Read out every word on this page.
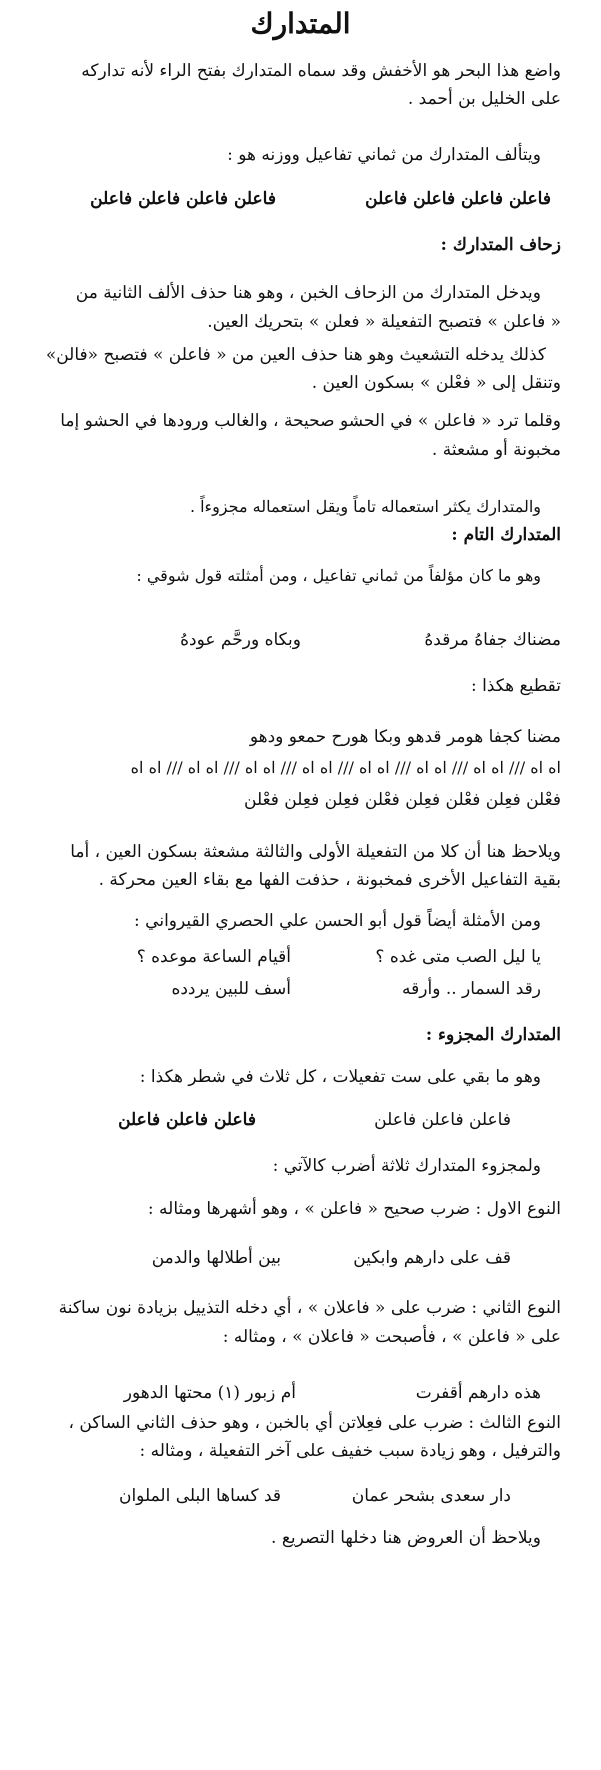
المتدارك
واضع هذا البحر هو الأخفش وقد سماه المتدارك بفتح الراء لأنه تداركه
على الخليل بن أحمد .
ويتألف المتدارك من ثماني تفاعيل ووزنه هو :
فاعلن فاعلن فاعلن فاعلن
فاعلن فاعلن فاعلن فاعلن
زحاف المتدارك :
ويدخل المتدارك من الزحاف الخبن ، وهو هنا حذف الألف الثانية من
« فاعلن » فتصبح التفعيلة « فعلن » بتحريك العين.
كذلك يدخله التشعيث وهو هنا حذف العين من « فاعلن » فتصبح «فالن»
وتنقل إلى « فعْلن » بسكون العين .
وقلما ترد « فاعلن » في الحشو صحيحة ، والغالب ورودها في الحشو إما
مخبونة أو مشعثة .
والمتدارك يكثر استعماله تاماً ويقل استعماله مجزوءاً .
المتدارك التام :
وهو ما كان مؤلفاً من ثماني تفاعيل ، ومن أمثلته قول شوقي :
مضناك جفاهُ مرقدهُ
وبكاه ورحَّم عودهُ
تقطيع هكذا :
مضنا كجفا هومر قدهو وبكا هورح حمعو ودهو
اه اه /// اه اه /// اه اه /// اه اه /// اه اه /// اه اه /// اه اه /// اه اه
فعْلن فعِلن فعْلن فعِلن فعْلن فعِلن فعِلن فعْلن
ويلاحظ هنا أن كلا من التفعيلة الأولى والثالثة مشعثة بسكون العين ، أما
بقية التفاعيل الأخرى فمخبونة ، حذفت الفها مع بقاء العين محركة .
ومن الأمثلة أيضاً قول أبو الحسن علي الحصري القيرواني :
يا ليل الصب متى غده ؟
أقيام الساعة موعده ؟
رقد السمار .. وأرقه
أسف للبين يردده
المتدارك المجزوء :
وهو ما بقي على ست تفعيلات ، كل ثلاث في شطر هكذا :
فاعلن فاعلن فاعلن
فاعلن فاعلن فاعلن
ولمجزوء المتدارك ثلاثة أضرب كالآتي :
النوع الاول : ضرب صحيح « فاعلن » ، وهو أشهرها ومثاله :
قف على دارهم وابكين
بين أطلالها والدمن
النوع الثاني : ضرب على « فاعلان » ، أي دخله التذييل بزيادة نون ساكنة
على « فاعلن » ، فأصبحت « فاعلان » ، ومثاله :
هذه دارهم أقفرت
أم زبور (١) محتها الدهور
النوع الثالث : ضرب على فعِلاتن أي بالخبن ، وهو حذف الثاني الساكن ،
والترفيل ، وهو زيادة سبب خفيف على آخر التفعيلة ، ومثاله :
دار سعدى بشحر عمان
قد كساها البلى الملوان
ويلاحظ أن العروض هنا دخلها التصريع .
